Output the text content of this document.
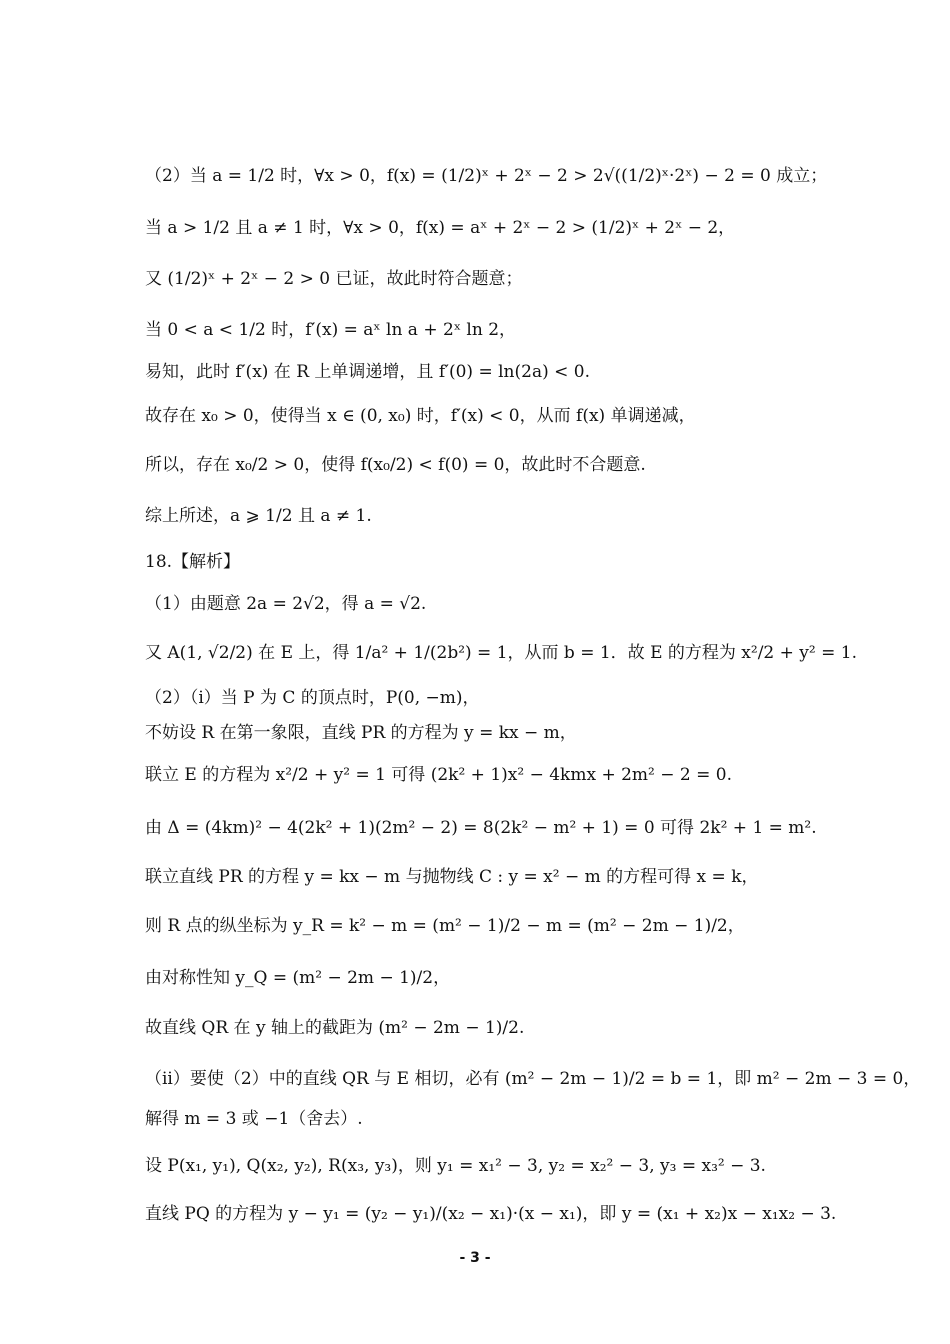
（2）当 a = 1/2 时，∀x > 0，f(x) = (1/2)ˣ + 2ˣ − 2 > 2√((1/2)ˣ·2ˣ) − 2 = 0 成立；
当 a > 1/2 且 a ≠ 1 时，∀x > 0，f(x) = aˣ + 2ˣ − 2 > (1/2)ˣ + 2ˣ − 2，
又 (1/2)ˣ + 2ˣ − 2 > 0 已证，故此时符合题意；
当 0 < a < 1/2 时，f′(x) = aˣ ln a + 2ˣ ln 2，
易知，此时 f′(x) 在 R 上单调递增，且 f′(0) = ln(2a) < 0.
故存在 x₀ > 0，使得当 x ∈ (0, x₀) 时，f′(x) < 0，从而 f(x) 单调递减，
所以，存在 x₀/2 > 0，使得 f(x₀/2) < f(0) = 0，故此时不合题意.
综上所述，a ⩾ 1/2 且 a ≠ 1.
18.【解析】
（1）由题意 2a = 2√2，得 a = √2.
又 A(1, √2/2) 在 E 上，得 1/a² + 1/(2b²) = 1，从而 b = 1．故 E 的方程为 x²/2 + y² = 1.
（2）（i）当 P 为 C 的顶点时，P(0, −m)，
不妨设 R 在第一象限，直线 PR 的方程为 y = kx − m，
联立 E 的方程为 x²/2 + y² = 1 可得 (2k² + 1)x² − 4kmx + 2m² − 2 = 0.
由 Δ = (4km)² − 4(2k² + 1)(2m² − 2) = 8(2k² − m² + 1) = 0 可得 2k² + 1 = m².
联立直线 PR 的方程 y = kx − m 与抛物线 C : y = x² − m 的方程可得 x = k，
则 R 点的纵坐标为 y_R = k² − m = (m² − 1)/2 − m = (m² − 2m − 1)/2，
由对称性知 y_Q = (m² − 2m − 1)/2，
故直线 QR 在 y 轴上的截距为 (m² − 2m − 1)/2.
（ii）要使（2）中的直线 QR 与 E 相切，必有 (m² − 2m − 1)/2 = b = 1，即 m² − 2m − 3 = 0，
解得 m = 3 或 −1（舍去）.
设 P(x₁, y₁), Q(x₂, y₂), R(x₃, y₃)，则 y₁ = x₁² − 3, y₂ = x₂² − 3, y₃ = x₃² − 3.
直线 PQ 的方程为 y − y₁ = (y₂ − y₁)/(x₂ − x₁)·(x − x₁)，即 y = (x₁ + x₂)x − x₁x₂ − 3.
- 3 -
